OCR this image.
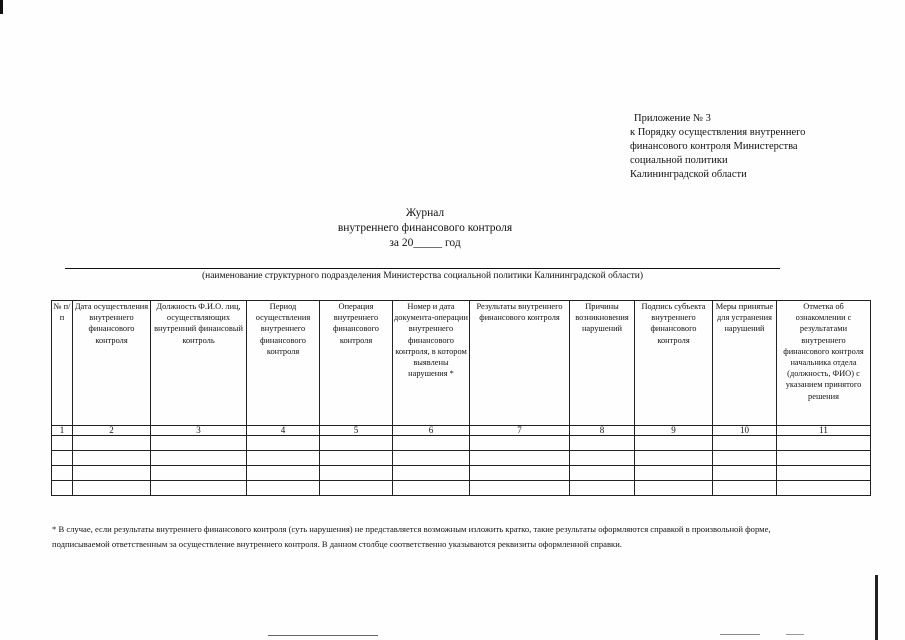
Приложение № 3
к Порядку осуществления внутреннего
финансового контроля Министерства
социальной политики
Калининградской области
Журнал
внутреннего финансового контроля
за 20_____ год
(наименование структурного подразделения Министерства социальной политики Калининградской области)
№ п/п	Дата осуществления внутреннего финансового контроля	Должность Ф.И.О. лиц, осуществляющих внутренний финансовый контроль	Период осуществления внутреннего финансового контроля	Операция внутреннего финансового контроля	Номер и дата документа-операции внутреннего финансового контроля, в котором выявлены нарушения *	Результаты внутреннего финансового контроля	Причины возникновения нарушений	Подпись субъекта внутреннего финансового контроля	Меры принятые для устранения нарушений	Отметка об ознакомлении с результатами внутреннего финансового контроля начальника отдела (должность, ФИО) с указанием принятого решения
1	2	3	4	5	6	7	8	9	10	11

* В случае, если результаты внутреннего финансового контроля (суть нарушения) не представляется возможным изложить кратко, такие результаты оформляются справкой в произвольной форме,
подписываемой ответственным за осуществление внутреннего контроля. В данном столбце соответственно указываются реквизиты оформленной справки.
